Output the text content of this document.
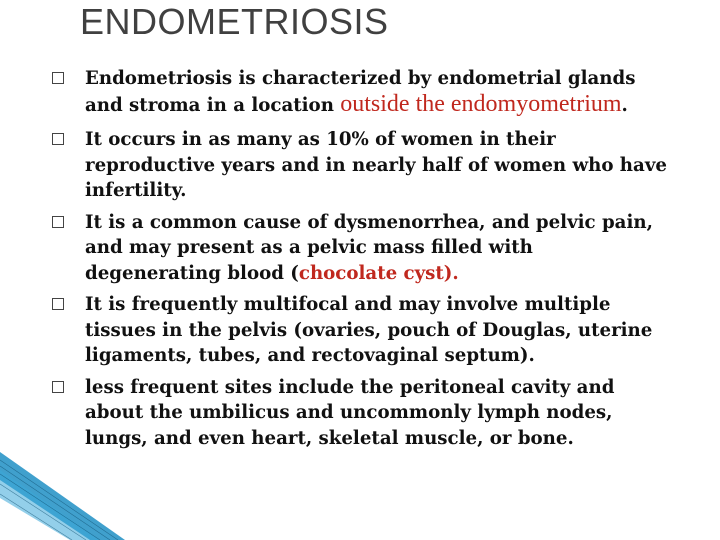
ENDOMETRIOSIS
Endometriosis is characterized by endometrial glands and stroma in a location outside the endomyometrium.
It occurs in as many as 10% of women in their reproductive years and in nearly half of women who have infertility.
It is a common cause of dysmenorrhea, and pelvic pain, and may present as a pelvic mass filled with degenerating blood (chocolate cyst).
It is frequently multifocal and may involve multiple tissues in the pelvis (ovaries, pouch of Douglas, uterine ligaments, tubes, and rectovaginal septum).
less frequent sites include the peritoneal cavity and about the umbilicus and uncommonly lymph nodes, lungs, and even heart, skeletal muscle, or bone.
